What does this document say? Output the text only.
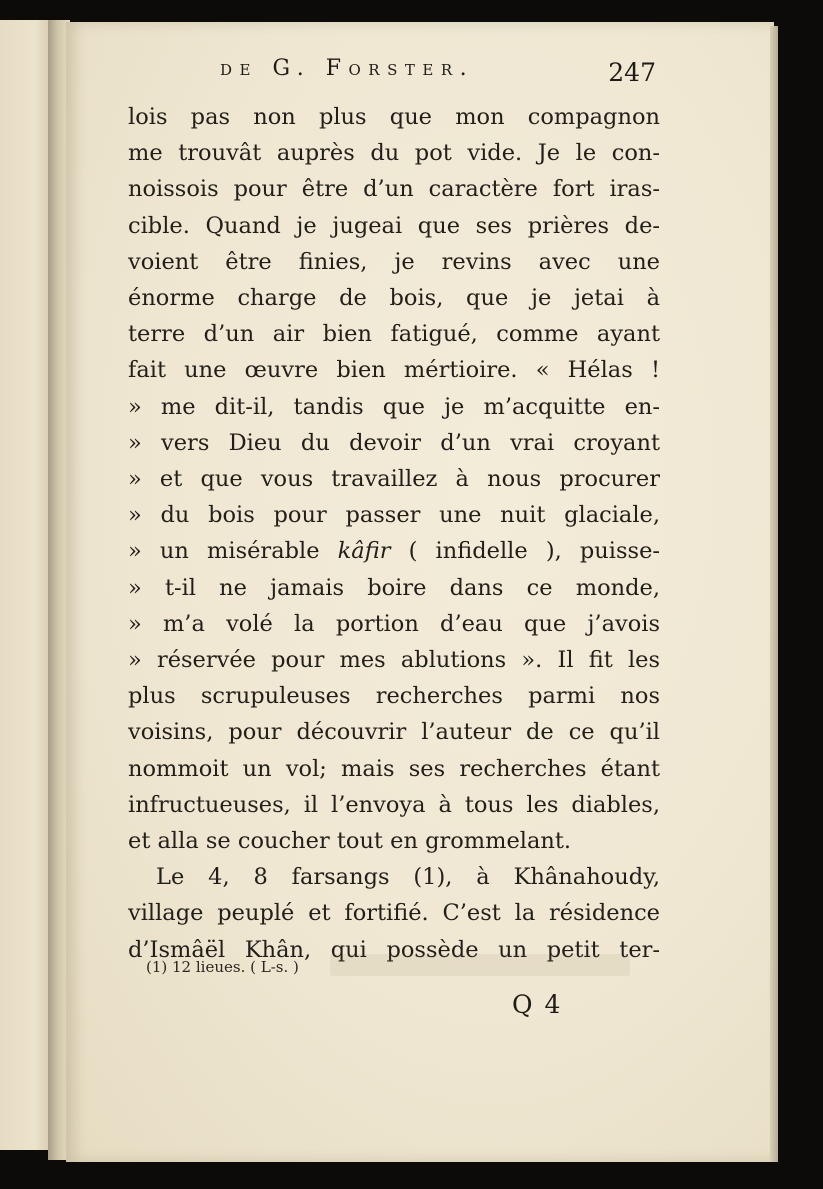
de G. Forster.	247
lois pas non plus que mon compagnon
me trouvât auprès du pot vide. Je le con-
noissois pour être d’un caractère fort iras-
cible. Quand je jugeai que ses prières de-
voient être finies, je revins avec une
énorme charge de bois, que je jetai à
terre d’un air bien fatigué, comme ayant
fait une œuvre bien mértioire. « Hélas !
» me dit-il, tandis que je m’acquitte en-
» vers Dieu du devoir d’un vrai croyant
» et que vous travaillez à nous procurer
» du bois pour passer une nuit glaciale,
» un misérable kâfir ( infidelle ), puisse-
» t-il ne jamais boire dans ce monde,
» m’a volé la portion d’eau que j’avois
» réservée pour mes ablutions ». Il fit les
plus scrupuleuses recherches parmi nos
voisins, pour découvrir l’auteur de ce qu’il
nommoit un vol; mais ses recherches étant
infructueuses, il l’envoya à tous les diables,
et alla se coucher tout en grommelant.
Le 4, 8 farsangs (1), à Khânahoudy,
village peuplé et fortifié. C’est la résidence
d’Ismâël Khân, qui possède un petit ter-
(1) 12 lieues. ( L-s. )
Q 4
